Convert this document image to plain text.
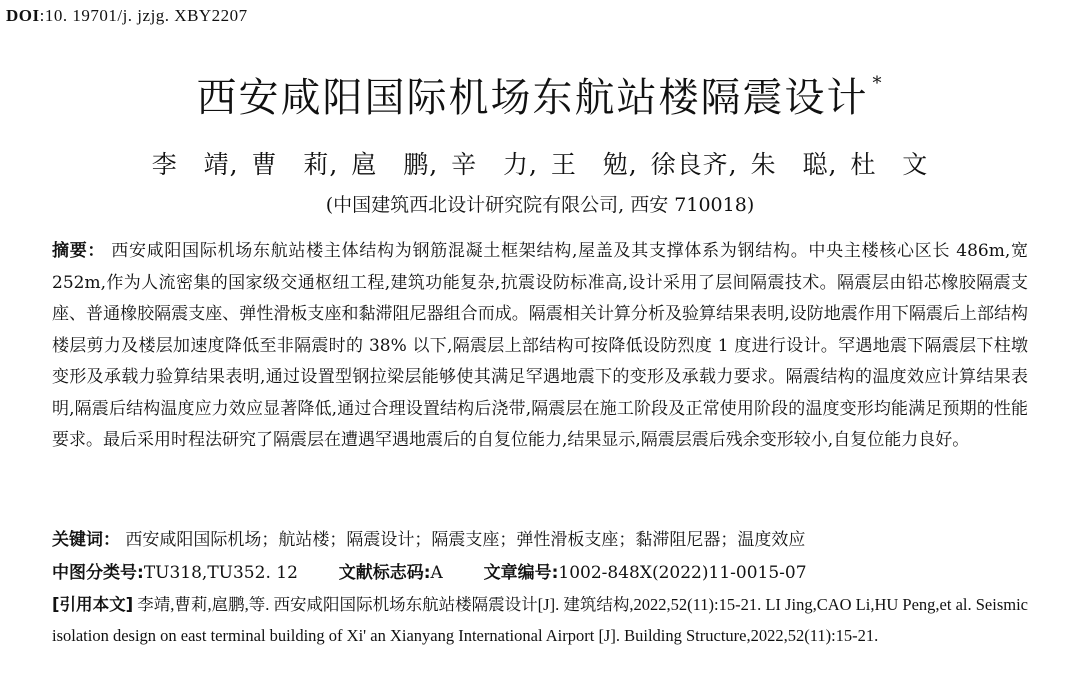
DOI:10. 19701/j. jzjg. XBY2207
西安咸阳国际机场东航站楼隔震设计 *
李  靖, 曹  莉, 扈  鹏, 辛  力, 王  勉, 徐良齐, 朱  聪, 杜  文
(中国建筑西北设计研究院有限公司, 西安 710018)
摘要： 西安咸阳国际机场东航站楼主体结构为钢筋混凝土框架结构,屋盖及其支撑体系为钢结构。中央主楼核心区长 486m,宽 252m,作为人流密集的国家级交通枢纽工程,建筑功能复杂,抗震设防标准高,设计采用了层间隔震技术。隔震层由铅芯橡胶隔震支座、普通橡胶隔震支座、弹性滑板支座和黏滞阻尼器组合而成。隔震相关计算分析及验算结果表明,设防地震作用下隔震后上部结构楼层剪力及楼层加速度降低至非隔震时的 38% 以下,隔震层上部结构可按降低设防烈度 1 度进行设计。罕遇地震下隔震层下柱墩变形及承载力验算结果表明,通过设置型钢拉梁层能够使其满足罕遇地震下的变形及承载力要求。隔震结构的温度效应计算结果表明,隔震后结构温度应力效应显著降低,通过合理设置结构后浇带,隔震层在施工阶段及正常使用阶段的温度变形均能满足预期的性能要求。最后采用时程法研究了隔震层在遭遇罕遇地震后的自复位能力,结果显示,隔震层震后残余变形较小,自复位能力良好。
关键词： 西安咸阳国际机场；航站楼；隔震设计；隔震支座；弹性滑板支座；黏滞阻尼器；温度效应
中图分类号:TU318,TU352. 12 文献标志码:A 文章编号:1002-848X(2022)11-0015-07
[引用本文] 李靖,曹莉,扈鹏,等. 西安咸阳国际机场东航站楼隔震设计[J]. 建筑结构,2022,52(11):15-21. LI Jing,CAO Li,HU Peng,et al. Seismic isolation design on east terminal building of Xi' an Xianyang International Airport [J]. Building Structure,2022,52(11):15-21.
